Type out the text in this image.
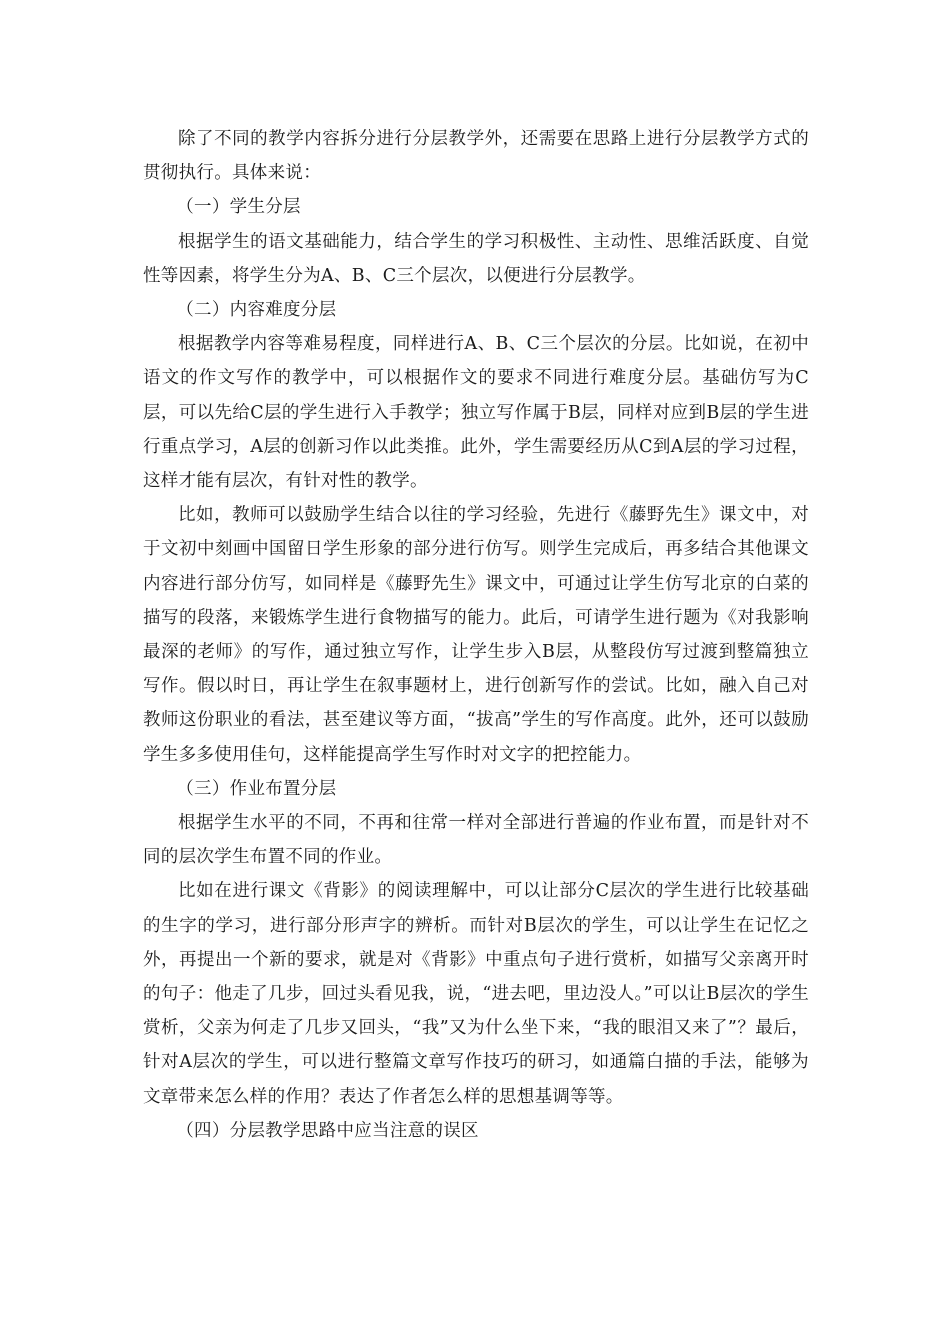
除了不同的教学内容拆分进行分层教学外，还需要在思路上进行分层教学方式的贯彻执行。具体来说：

（一）学生分层

根据学生的语文基础能力，结合学生的学习积极性、主动性、思维活跃度、自觉性等因素，将学生分为A、B、C三个层次，以便进行分层教学。

（二）内容难度分层

根据教学内容等难易程度，同样进行A、B、C三个层次的分层。比如说，在初中语文的作文写作的教学中，可以根据作文的要求不同进行难度分层。基础仿写为C层，可以先给C层的学生进行入手教学；独立写作属于B层，同样对应到B层的学生进行重点学习，A层的创新习作以此类推。此外，学生需要经历从C到A层的学习过程，这样才能有层次，有针对性的教学。

比如，教师可以鼓励学生结合以往的学习经验，先进行《藤野先生》课文中，对于文初中刻画中国留日学生形象的部分进行仿写。则学生完成后，再多结合其他课文内容进行部分仿写，如同样是《藤野先生》课文中，可通过让学生仿写北京的白菜的描写的段落，来锻炼学生进行食物描写的能力。此后，可请学生进行题为《对我影响最深的老师》的写作，通过独立写作，让学生步入B层，从整段仿写过渡到整篇独立写作。假以时日，再让学生在叙事题材上，进行创新写作的尝试。比如，融入自己对教师这份职业的看法，甚至建议等方面，“拔高”学生的写作高度。此外，还可以鼓励学生多多使用佳句，这样能提高学生写作时对文字的把控能力。

（三）作业布置分层

根据学生水平的不同，不再和往常一样对全部进行普遍的作业布置，而是针对不同的层次学生布置不同的作业。

比如在进行课文《背影》的阅读理解中，可以让部分C层次的学生进行比较基础的生字的学习，进行部分形声字的辨析。而针对B层次的学生，可以让学生在记忆之外，再提出一个新的要求，就是对《背影》中重点句子进行赏析，如描写父亲离开时的句子：他走了几步，回过头看见我，说，“进去吧，里边没人。”可以让B层次的学生赏析，父亲为何走了几步又回头，“我”又为什么坐下来，“我的眼泪又来了”？最后，针对A层次的学生，可以进行整篇文章写作技巧的研习，如通篇白描的手法，能够为文章带来怎么样的作用？表达了作者怎么样的思想基调等等。

（四）分层教学思路中应当注意的误区
